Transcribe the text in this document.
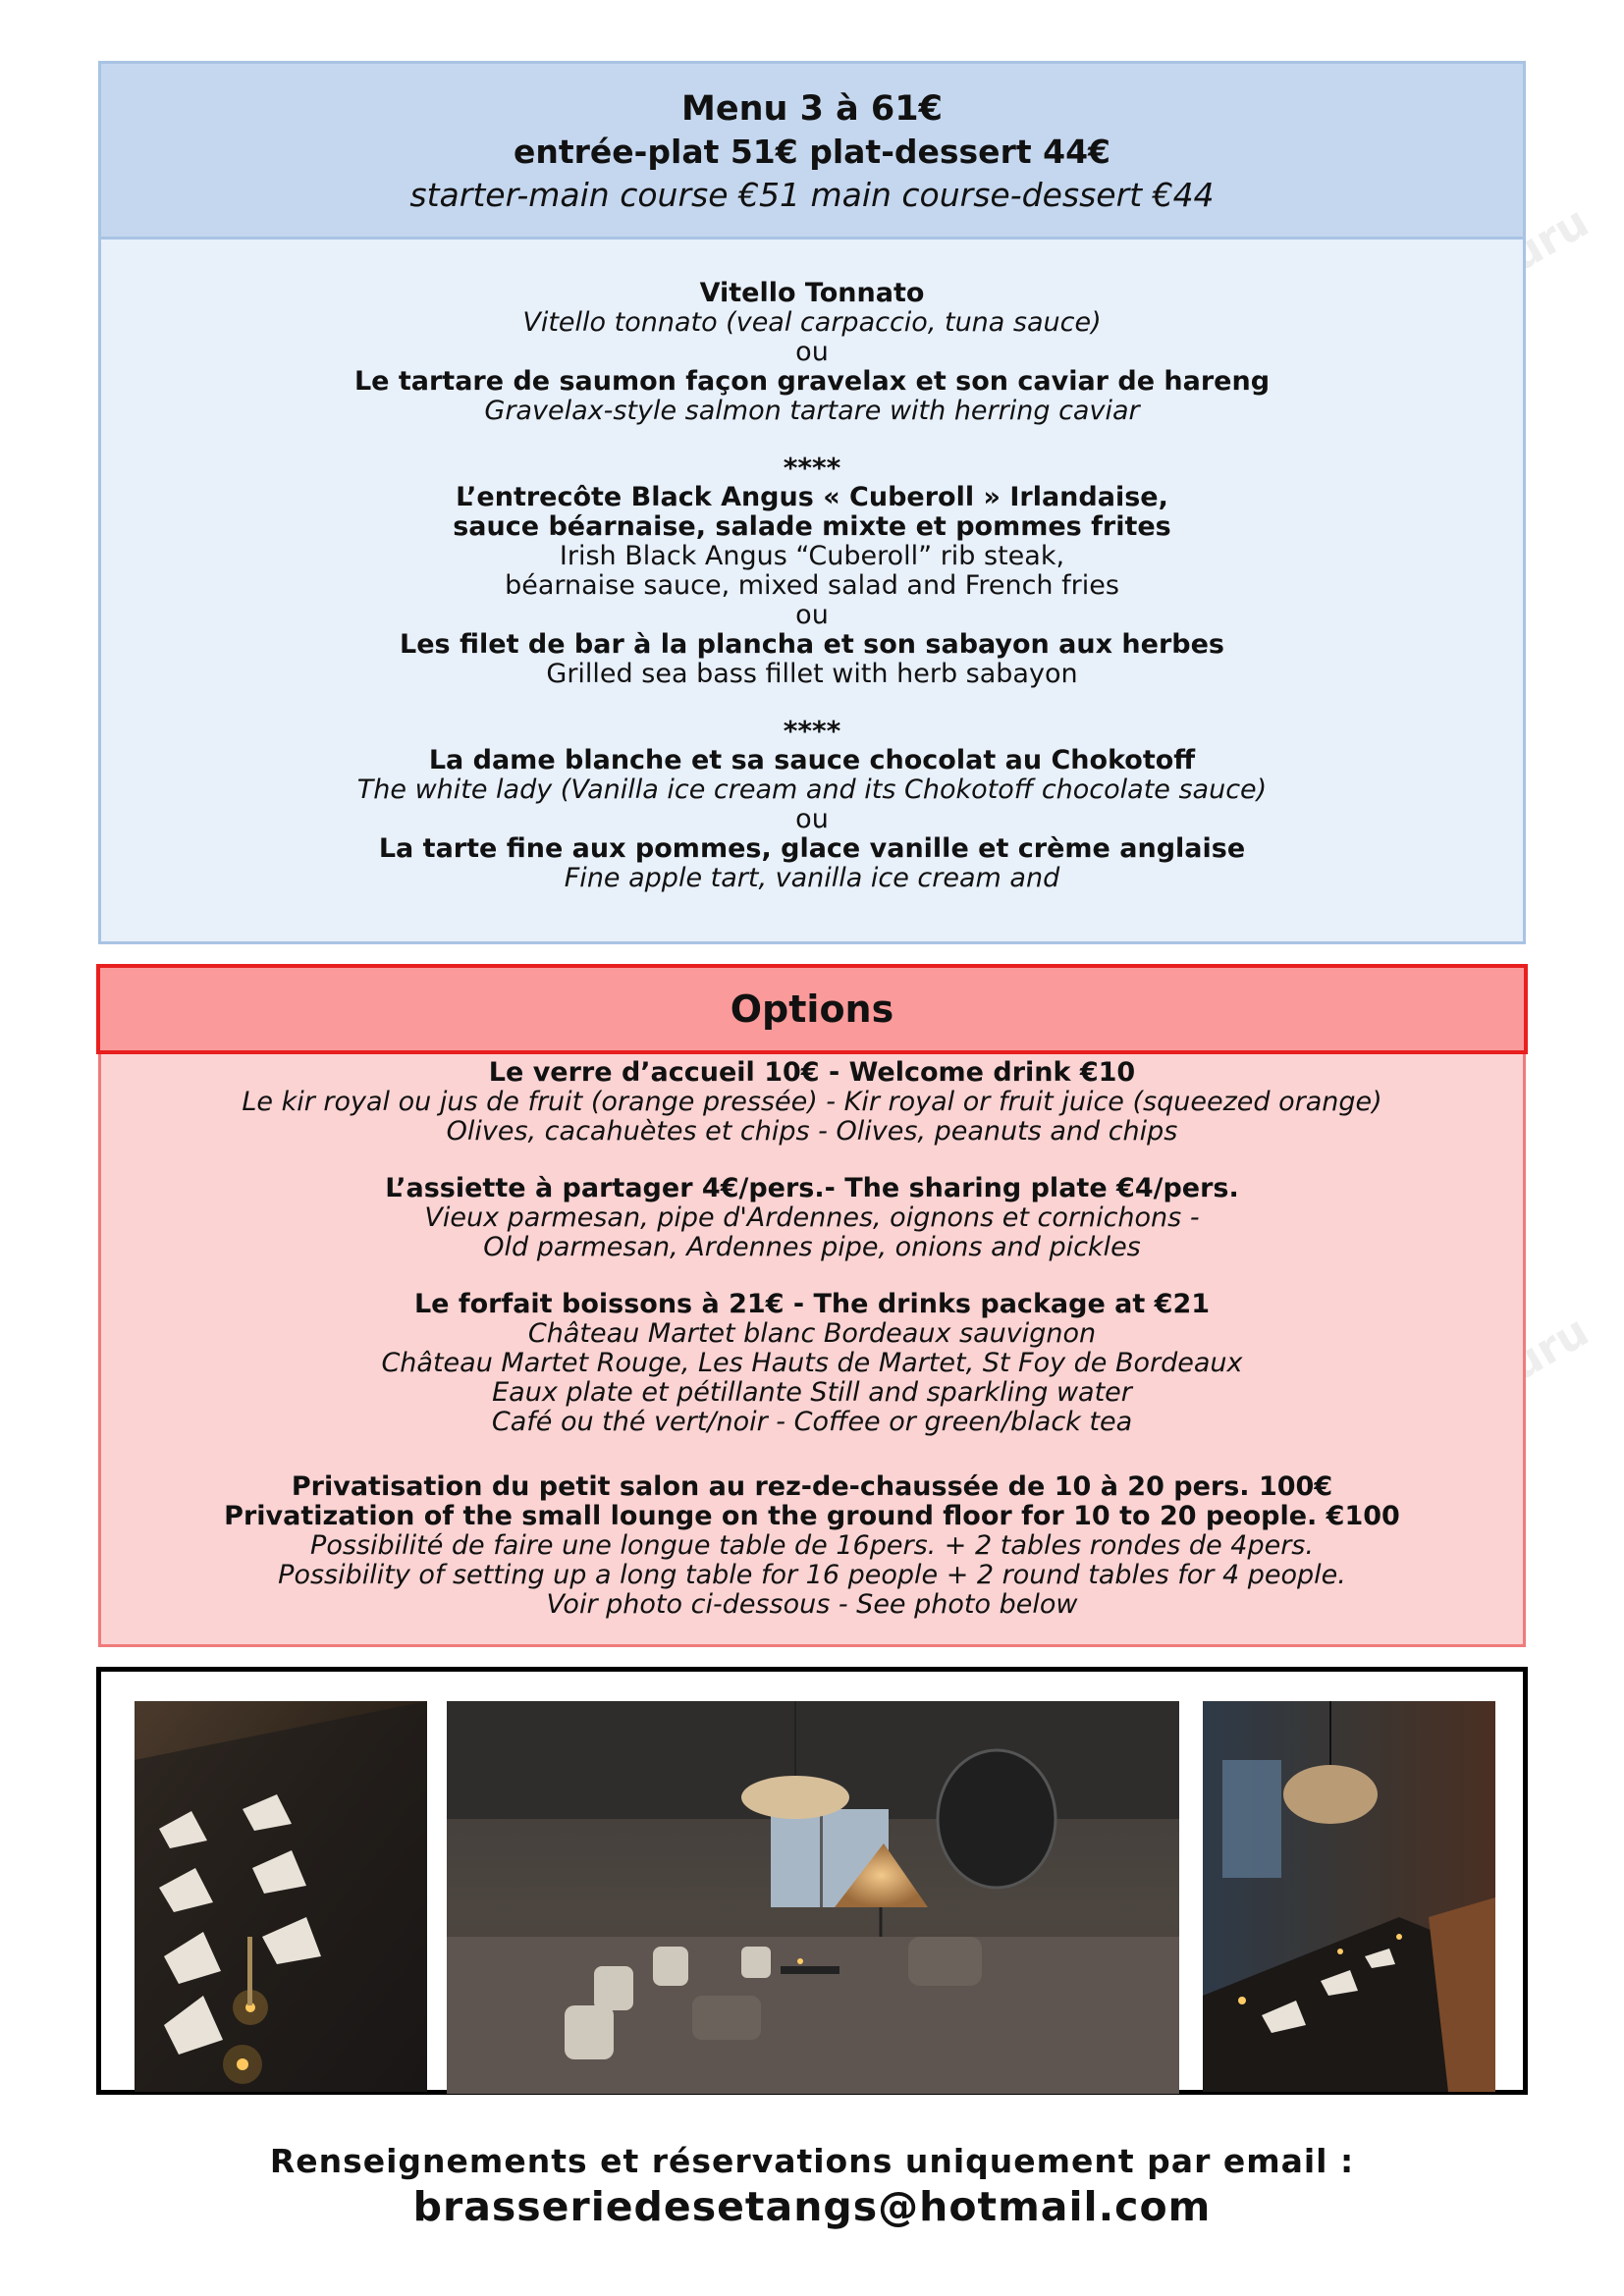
Guru
Guru
Menu 3 à 61€
entrée-plat 51€ plat-dessert 44€
starter-main course €51 main course-dessert €44
Vitello Tonnato
Vitello tonnato (veal carpaccio, tuna sauce)
ou
Le tartare de saumon façon gravelax et son caviar de hareng
Gravelax-style salmon tartare with herring caviar
****
L’entrecôte Black Angus « Cuberoll » Irlandaise,
sauce béarnaise, salade mixte et pommes frites
Irish Black Angus “Cuberoll” rib steak,
béarnaise sauce, mixed salad and French fries
ou
Les filet de bar à la plancha et son sabayon aux herbes
Grilled sea bass fillet with herb sabayon
****
La dame blanche et sa sauce chocolat au Chokotoff
The white lady (Vanilla ice cream and its Chokotoff chocolate sauce)
ou
La tarte fine aux pommes, glace vanille et crème anglaise
Fine apple tart, vanilla ice cream and
Options
Le verre d’accueil 10€ - Welcome drink €10
Le kir royal ou jus de fruit (orange pressée) - Kir royal or fruit juice (squeezed orange)
Olives, cacahuètes et chips - Olives, peanuts and chips
L’assiette à partager 4€/pers.- The sharing plate €4/pers.
Vieux parmesan, pipe d'Ardennes, oignons et cornichons -
Old parmesan, Ardennes pipe, onions and pickles
Le forfait boissons à 21€ - The drinks package at €21
Château Martet blanc Bordeaux sauvignon
Château Martet Rouge, Les Hauts de Martet, St Foy de Bordeaux
Eaux plate et pétillante Still and sparkling water
Café ou thé vert/noir - Coffee or green/black tea
Privatisation du petit salon au rez-de-chaussée de 10 à 20 pers. 100€
Privatization of the small lounge on the ground floor for 10 to 20 people. €100
Possibilité de faire une longue table de 16pers. + 2 tables rondes de 4pers.
Possibility of setting up a long table for 16 people + 2 round tables for 4 people.
Voir photo ci-dessous - See photo below
Renseignements et réservations uniquement par email :
brasseriedesetangs@hotmail.com
